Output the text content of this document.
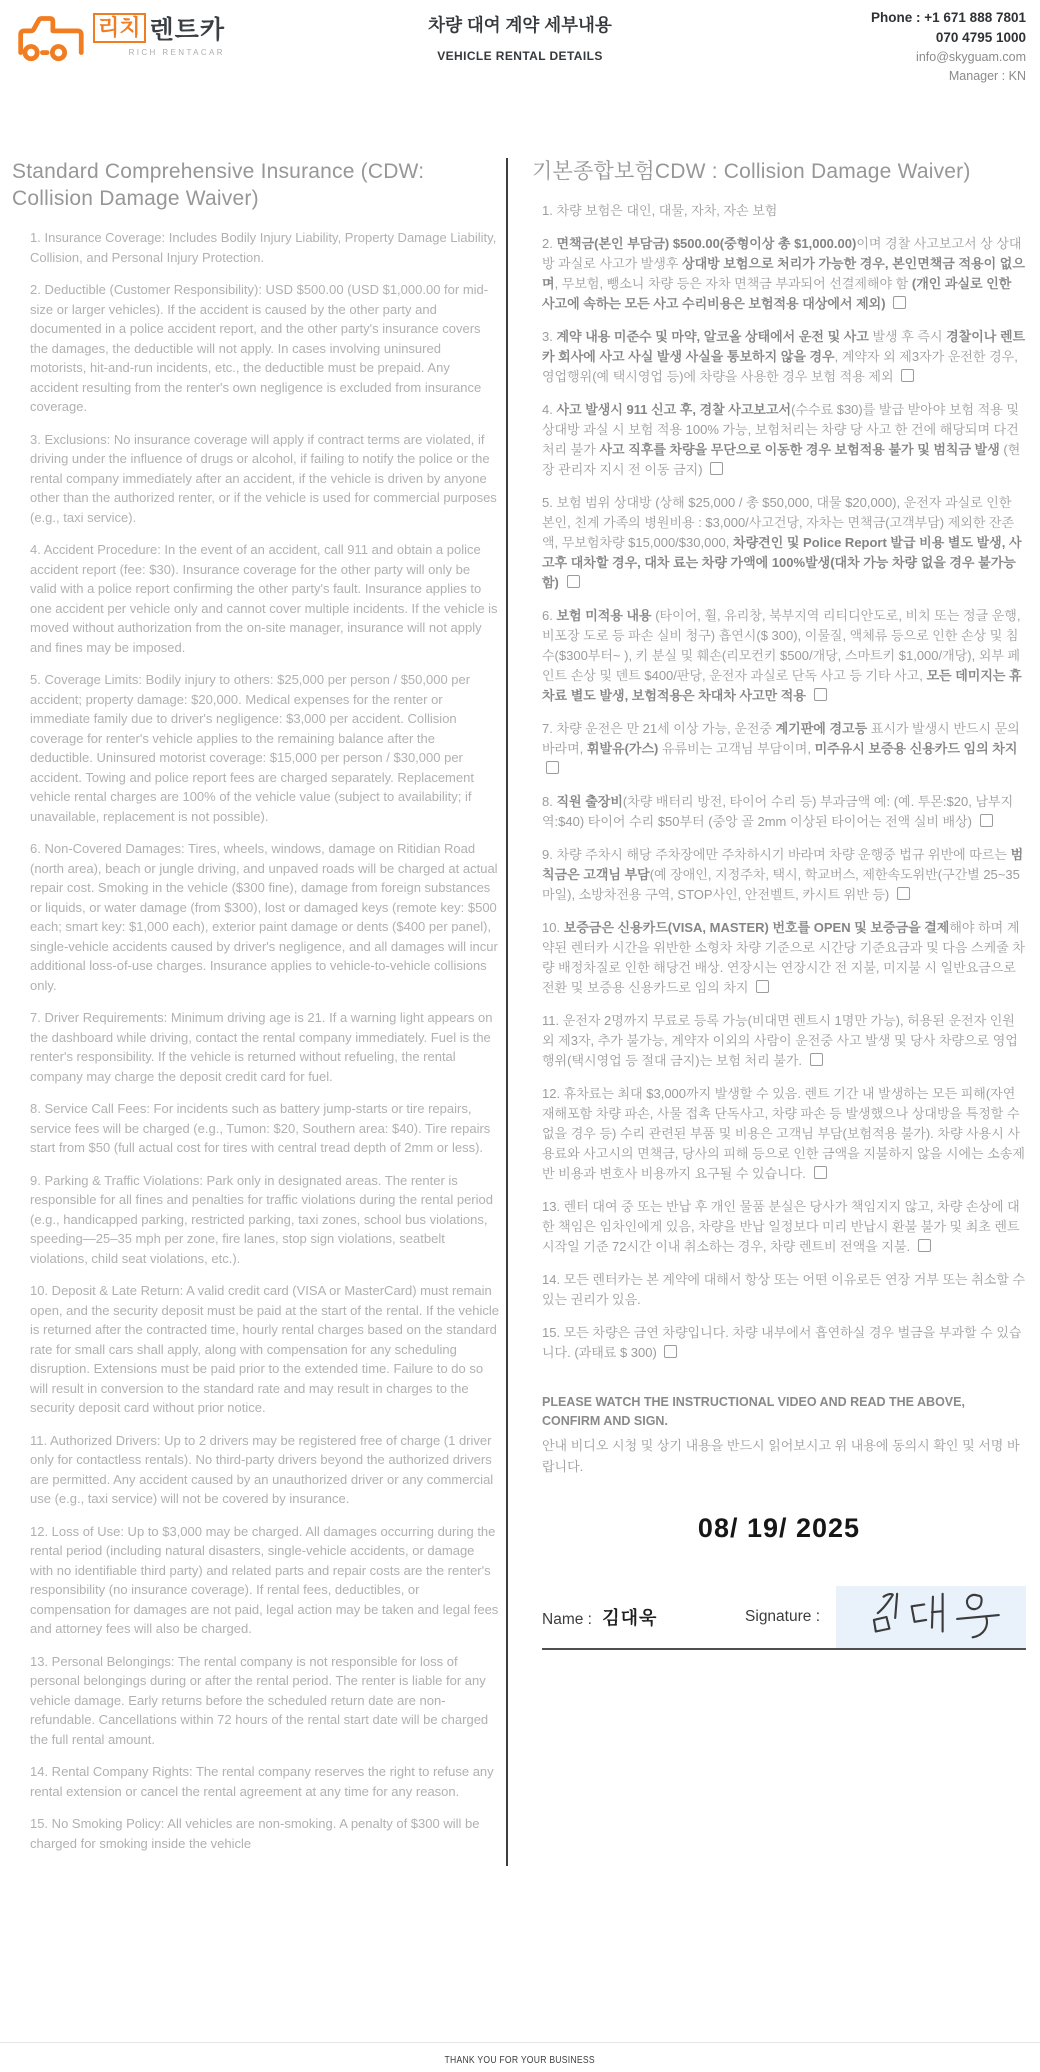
리치 렌트카
RICH RENTACAR
차량 대여 계약 세부내용
VEHICLE RENTAL DETAILS
Phone : +1 671 888 7801
070 4795 1000
info@skyguam.com
Manager : KN
Standard Comprehensive Insurance (CDW: Collision Damage Waiver)

1. Insurance Coverage: Includes Bodily Injury Liability, Property Damage Liability, Collision, and Personal Injury Protection.

2. Deductible (Customer Responsibility): USD $500.00 (USD $1,000.00 for mid-size or larger vehicles). If the accident is caused by the other party and documented in a police accident report, and the other party's insurance covers the damages, the deductible will not apply. In cases involving uninsured motorists, hit-and-run incidents, etc., the deductible must be prepaid. Any accident resulting from the renter's own negligence is excluded from insurance coverage.

3. Exclusions: No insurance coverage will apply if contract terms are violated, if driving under the influence of drugs or alcohol, if failing to notify the police or the rental company immediately after an accident, if the vehicle is driven by anyone other than the authorized renter, or if the vehicle is used for commercial purposes (e.g., taxi service).

4. Accident Procedure: In the event of an accident, call 911 and obtain a police accident report (fee: $30). Insurance coverage for the other party will only be valid with a police report confirming the other party's fault. Insurance applies to one accident per vehicle only and cannot cover multiple incidents. If the vehicle is moved without authorization from the on-site manager, insurance will not apply and fines may be imposed.

5. Coverage Limits: Bodily injury to others: $25,000 per person / $50,000 per accident; property damage: $20,000. Medical expenses for the renter or immediate family due to driver's negligence: $3,000 per accident. Collision coverage for renter's vehicle applies to the remaining balance after the deductible. Uninsured motorist coverage: $15,000 per person / $30,000 per accident. Towing and police report fees are charged separately. Replacement vehicle rental charges are 100% of the vehicle value (subject to availability; if unavailable, replacement is not possible).

6. Non-Covered Damages: Tires, wheels, windows, damage on Ritidian Road (north area), beach or jungle driving, and unpaved roads will be charged at actual repair cost. Smoking in the vehicle ($300 fine), damage from foreign substances or liquids, or water damage (from $300), lost or damaged keys (remote key: $500 each; smart key: $1,000 each), exterior paint damage or dents ($400 per panel), single-vehicle accidents caused by driver's negligence, and all damages will incur additional loss-of-use charges. Insurance applies to vehicle-to-vehicle collisions only.

7. Driver Requirements: Minimum driving age is 21. If a warning light appears on the dashboard while driving, contact the rental company immediately. Fuel is the renter's responsibility. If the vehicle is returned without refueling, the rental company may charge the deposit credit card for fuel.

8. Service Call Fees: For incidents such as battery jump-starts or tire repairs, service fees will be charged (e.g., Tumon: $20, Southern area: $40). Tire repairs start from $50 (full actual cost for tires with central tread depth of 2mm or less).

9. Parking & Traffic Violations: Park only in designated areas. The renter is responsible for all fines and penalties for traffic violations during the rental period (e.g., handicapped parking, restricted parking, taxi zones, school bus violations, speeding—25–35 mph per zone, fire lanes, stop sign violations, seatbelt violations, child seat violations, etc.).

10. Deposit & Late Return: A valid credit card (VISA or MasterCard) must remain open, and the security deposit must be paid at the start of the rental. If the vehicle is returned after the contracted time, hourly rental charges based on the standard rate for small cars shall apply, along with compensation for any scheduling disruption. Extensions must be paid prior to the extended time. Failure to do so will result in conversion to the standard rate and may result in charges to the security deposit card without prior notice.

11. Authorized Drivers: Up to 2 drivers may be registered free of charge (1 driver only for contactless rentals). No third-party drivers beyond the authorized drivers are permitted. Any accident caused by an unauthorized driver or any commercial use (e.g., taxi service) will not be covered by insurance.

12. Loss of Use: Up to $3,000 may be charged. All damages occurring during the rental period (including natural disasters, single-vehicle accidents, or damage with no identifiable third party) and related parts and repair costs are the renter's responsibility (no insurance coverage). If rental fees, deductibles, or compensation for damages are not paid, legal action may be taken and legal fees and attorney fees will also be charged.

13. Personal Belongings: The rental company is not responsible for loss of personal belongings during or after the rental period. The renter is liable for any vehicle damage. Early returns before the scheduled return date are non-refundable. Cancellations within 72 hours of the rental start date will be charged the full rental amount.

14. Rental Company Rights: The rental company reserves the right to refuse any rental extension or cancel the rental agreement at any time for any reason.

15. No Smoking Policy: All vehicles are non-smoking. A penalty of $300 will be charged for smoking inside the vehicle

기본종합보험CDW : Collision Damage Waiver)

1. 차량 보험은 대인, 대물, 자차, 자손 보험

2. 면책금(본인 부담금) $500.00(중형이상 총 $1,000.00)이며 경찰 사고보고서 상 상대방 과실로 사고가 발생후 상대방 보험으로 처리가 가능한 경우, 본인면책금 적용이 없으며, 무보험, 뺑소니 차량 등은 자차 면책금 부과되어 선결제해야 함 (개인 과실로 인한 사고에 속하는 모든 사고 수리비용은 보험적용 대상에서 제외)

3. 계약 내용 미준수 및 마약, 알코올 상태에서 운전 및 사고 발생 후 즉시 경찰이나 렌트카 회사에 사고 사실 발생 사실을 통보하지 않을 경우, 계약자 외 제3자가 운전한 경우, 영업행위(예 택시영업 등)에 차량을 사용한 경우 보험 적용 제외

4. 사고 발생시 911 신고 후, 경찰 사고보고서(수수료 $30)를 발급 받아야 보험 적용 및 상대방 과실 시 보험 적용 100% 가능, 보험처리는 차량 당 사고 한 건에 해당되며 다건 처리 불가 사고 직후를 차량을 무단으로 이동한 경우 보험적용 불가 및 범칙금 발생 (현장 관리자 지시 전 이동 금지)

5. 보험 범위 상대방 (상해 $25,000 / 총 $50,000, 대물 $20,000), 운전자 과실로 인한 본인, 친계 가족의 병원비용 : $3,000/사고건당, 자차는 면책금(고객부담) 제외한 잔존액, 무보험차량 $15,000/$30,000, 차량견인 및 Police Report 발급 비용 별도 발생, 사고후 대차할 경우, 대차 료는 차량 가액에 100%발생(대차 가능 차량 없을 경우 불가능함)

6. 보험 미적용 내용 (타이어, 휠, 유리창, 북부지역 리티디안도로, 비치 또는 정글 운행, 비포장 도로 등 파손 실비 청구) 흡연시($ 300), 이물질, 액체류 등으로 인한 손상 및 침수($300부터~ ), 키 분실 및 훼손(리모컨키 $500/개당, 스마트키 $1,000/개당), 외부 페인트 손상 및 덴트 $400/판당, 운전자 과실로 단독 사고 등 기타 사고, 모든 데미지는 휴차료 별도 발생, 보험적용은 차대차 사고만 적용

7. 차량 운전은 만 21세 이상 가능, 운전중 계기판에 경고등 표시가 발생시 반드시 문의 바라며, 휘발유(가스) 유류비는 고객님 부담이며, 미주유시 보증용 신용카드 임의 차지

8. 직원 출장비(차량 배터리 방전, 타이어 수리 등) 부과금액 예: (예. 투몬:$20, 남부지역:$40) 타이어 수리 $50부터 (중앙 골 2mm 이상된 타이어는 전액 실비 배상)

9. 차량 주차시 해당 주차장에만 주차하시기 바라며 차량 운행중 법규 위반에 따르는 범칙금은 고객님 부담(예 장애인, 지정주차, 택시, 학교버스, 제한속도위반(구간별 25~35마일), 소방차전용 구역, STOP사인, 안전벨트, 카시트 위반 등)

10. 보증금은 신용카드(VISA, MASTER) 번호를 OPEN 및 보증금을 결제해야 하며 계약된 렌터카 시간을 위반한 소형차 차량 기준으로 시간당 기준요금과 및 다음 스케줄 차량 배정차질로 인한 해당건 배상. 연장시는 연장시간 전 지불, 미지불 시 일반요금으로 전환 및 보증용 신용카드로 임의 차지

11. 운전자 2명까지 무료로 등록 가능(비대면 렌트시 1명만 가능), 허용된 운전자 인원 외 제3자, 추가 불가능, 계약자 이외의 사람이 운전중 사고 발생 및 당사 차량으로 영업행위(택시영업 등 절대 금지)는 보험 처리 불가.

12. 휴차료는 최대 $3,000까지 발생할 수 있음. 렌트 기간 내 발생하는 모든 피해(자연재해포함 차량 파손, 사물 접촉 단독사고, 차량 파손 등 발생했으나 상대방을 특정할 수 없을 경우 등) 수리 관련된 부품 및 비용은 고객님 부담(보험적용 불가). 차량 사용시 사용료와 사고시의 면책금, 당사의 피해 등으로 인한 금액을 지불하지 않을 시에는 소송제반 비용과 변호사 비용까지 요구될 수 있습니다.

13. 렌터 대여 중 또는 반납 후 개인 물품 분실은 당사가 책임지지 않고, 차량 손상에 대한 책임은 임차인에게 있음, 차량을 반납 일정보다 미리 반납시 환불 불가 및 최초 렌트 시작일 기준 72시간 이내 취소하는 경우, 차량 렌트비 전액을 지불.

14. 모든 렌터카는 본 계약에 대해서 항상 또는 어떤 이유로든 연장 거부 또는 취소할 수 있는 권리가 있음.

15. 모든 차량은 금연 차량입니다. 차량 내부에서 흡연하실 경우 벌금을 부과할 수 있습니다. (과태료 $ 300)

PLEASE WATCH THE INSTRUCTIONAL VIDEO AND READ THE ABOVE, CONFIRM AND SIGN.
안내 비디오 시청 및 상기 내용을 반드시 읽어보시고 위 내용에 동의시 확인 및 서명 바랍니다.
08/ 19/ 2025
Name : 김대욱	Signature :
THANK YOU FOR YOUR BUSINESS
